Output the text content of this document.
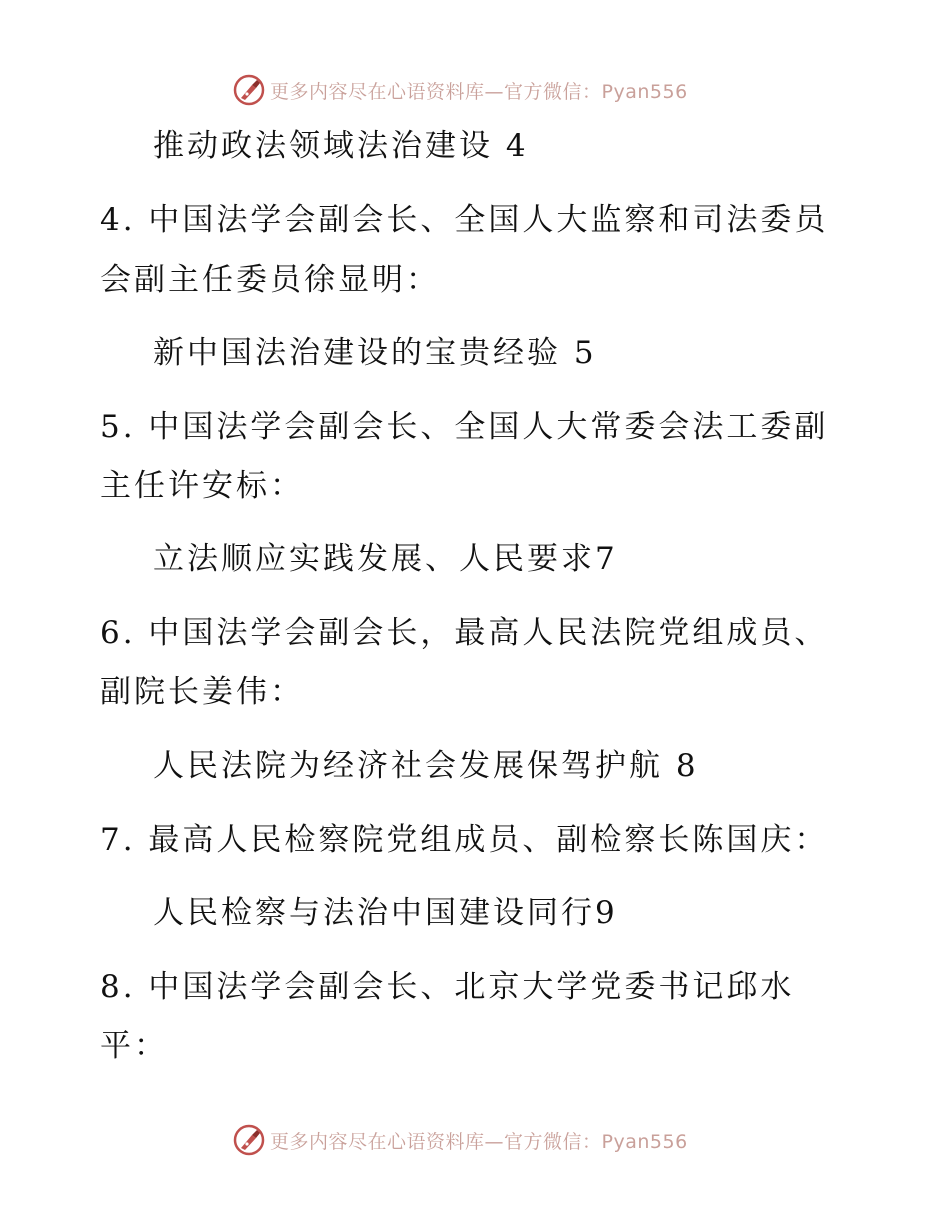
更多内容尽在心语资料库—官方微信：Pyan556
推动政法领域法治建设 4
4. 中国法学会副会长、全国人大监察和司法委员
会副主任委员徐显明：
新中国法治建设的宝贵经验 5
5. 中国法学会副会长、全国人大常委会法工委副
主任许安标：
立法顺应实践发展、人民要求7
6. 中国法学会副会长，最高人民法院党组成员、
副院长姜伟：
人民法院为经济社会发展保驾护航 8
7. 最高人民检察院党组成员、副检察长陈国庆：
人民检察与法治中国建设同行9
8. 中国法学会副会长、北京大学党委书记邱水
平：
更多内容尽在心语资料库—官方微信：Pyan556
